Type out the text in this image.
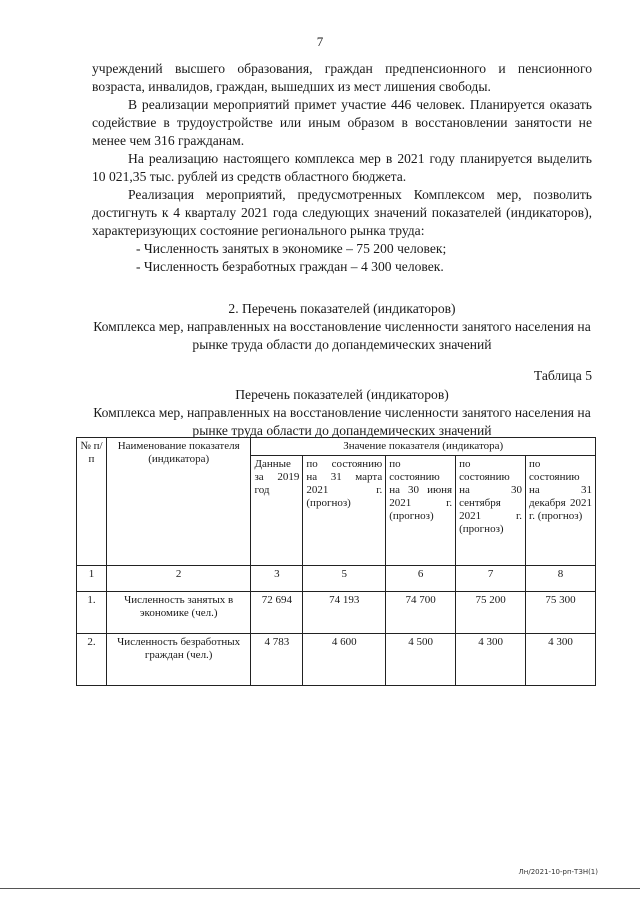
7

учреждений высшего образования, граждан предпенсионного и пенсионного возраста, инвалидов, граждан, вышедших из мест лишения свободы.

В реализации мероприятий примет участие 446 человек. Планируется оказать содействие в трудоустройстве или иным образом в восстановлении занятости не менее чем 316 гражданам.

На реализацию настоящего комплекса мер в 2021 году планируется выделить 10 021,35 тыс. рублей из средств областного бюджета.

Реализация мероприятий, предусмотренных Комплексом мер, позволить достигнуть к 4 кварталу 2021 года следующих значений показателей (индикаторов), характеризующих состояние регионального рынка труда:

- Численность занятых в экономике – 75 200 человек;

- Численность безработных граждан – 4 300 человек.

2. Перечень показателей (индикаторов)
Комплекса мер, направленных на восстановление численности занятого населения на рынке труда области до допандемических значений
Таблица 5
Перечень показателей (индикаторов)
Комплекса мер, направленных на восстановление численности занятого населения на рынке труда области до допандемических значений
№ п/п	Наименование показателя (индикатора)	Значение показателя (индикатора)				
		Данные за 2019 год	по состоянию на 31 марта 2021 г. (прогноз)	по состоянию на 30 июня 2021 г. (прогноз)	по состоянию на 30 сентября 2021 г. (прогноз)	по состоянию на 31 декабря 2021 г. (прогноз)
1	2	3	5	6	7	8
1.	Численность занятых в экономике (чел.)	72 694	74 193	74 700	75 200	75 300
2.	Численность безработных граждан (чел.)	4 783	4 600	4 500	4 300	4 300
Лн/2021-10-рп-ТЗН(1)
